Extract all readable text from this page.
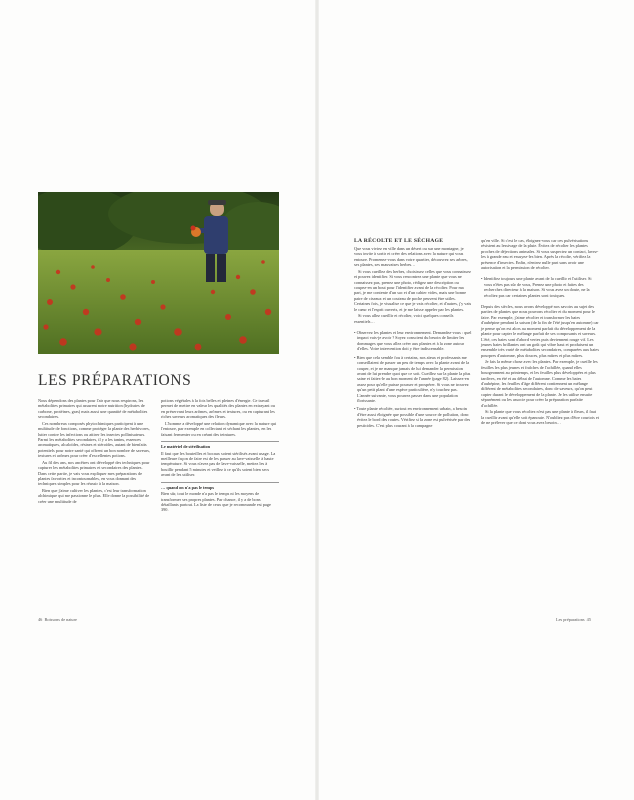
LES PRÉPARATIONS

Nous dépendons des plantes pour l'air que nous respirons, les métabolites primaires qui assurent notre nutrition (hydrates de carbone, protéines, gras) mais aussi une quantité de métabolites secondaires.

Ces nombreux composés phytochimiques participent à une multitude de fonctions, comme protéger la plante des herbivores, lutter contre les infections ou attirer les insectes pollinisateurs. Parmi les métabolites secondaires, il y a les tanins, essences aromatiques, alcaloïdes, résines et stéroïdes, autant de bienfaits potentiels pour notre santé qui offrent un bon nombre de saveurs, textures et arômes pour créer d'excellentes potions.

Au fil des ans, nos ancêtres ont développé des techniques pour capturer les métabolites primaires et secondaires des plantes. Dans cette partie, je vais vous expliquer mes préparations de plantes favorites et incontournables, en vous donnant des techniques simples pour les réussir à la maison.

Bien que j'aime cultiver les plantes, c'est leur transformation alchimique qui me passionne le plus. Elle donne la possibilité de créer une multitude de

potions végétales à la fois belles et pleines d'énergie. Ce travail permet de mettre en valeur les qualités des plantes en extrayant ou en préservant leurs arômes, arômes et textures, ou en capturant les riches saveurs aromatiques des fleurs.

L'homme a développé une relation dynamique avec la nature qui l'entoure, par exemple en collectant et séchant les plantes, en les faisant fermenter ou en créant des teintures.

Le matériel de stérilisation

Il faut que les bouteilles et bocaux soient stérilisés avant usage. La meilleure façon de faire est de les passer au lave-vaisselle à haute température. Si vous n'avez pas de lave-vaisselle, mettez les à bouillir pendant 5 minutes et veillez à ce qu'ils soient bien secs avant de les utiliser.

… quand on n'a pas le temps

Bien sûr, tout le monde n'a pas le temps ni les moyens de transformer ses propres plantes. Par chance, il y a de bons détaillants partout. La liste de ceux que je recommande est page 390.

46 Boissons de nature
LA RÉCOLTE ET LE SÉCHAGE

Que vous viviez en ville dans un désert ou sur une montagne, je vous invite à sortir et créer des relations avec la nature qui vous entoure. Promenez-vous dans votre quartier, découvrez ses arbres, ses plantes, ses mauvaises herbes…

Si vous cueillez des herbes, choisissez celles que vous connaissez et pouvez identifier. Si vous rencontrez une plante que vous ne connaissez pas, prenez une photo, rédigez une description ou coupez-en un bout pour l'identifier avant de la récolter. Pour ma part, je me contente d'un sac et d'un cahier vides, mais une bonne paire de ciseaux et un couteau de poche peuvent être utiles. Certaines fois, je visualise ce que je vais récolter, et d'autres, j'y vais le cœur et l'esprit ouverts, et je me laisse appeler par les plantes.

Si vous allez cueillir et récolter, voici quelques conseils essentiels…

• Observez les plantes et leur environnement. Demandez-vous : quel impact vais-je avoir ? Soyez conscient du besoin de limiter les dommages que vous allez créer aux plantes et à la zone autour d'elles. Votre intervention doit y être indiscernable.

• Bien que cela semble fou à certains, nos aïeux et professants me conseillaient de passer un peu de temps avec la plante avant de la couper, et je ne manque jamais de lui demander la permission avant de lui prendre quoi que ce soit. Cueillez sur la plante la plus saine et faites-le au bon moment de l'année (page 82). Laissez-en assez pour qu'elle puisse pousser et prospérer. Si vous ne trouvez qu'un petit plant d'une espèce particulière, n'y touchez pas. L'année suivante, vous pourrez passer dans une population florissante.

• Toute plante récoltée, surtout en environnement urbain, a besoin d'être aussi éloignée que possible d'une source de pollution, donc évitez le bord des routes. Vérifiez si la zone est pulvérisée par des pesticides. C'est plus courant à la campagne

qu'en ville. Si c'est le cas, éloignez-vous car ces pulvérisations résistent au lessivage de la pluie. Évitez de récolter les plantes proches de déjections animales. Si vous suspectez un contact, lavez-les à grande eau et essuyez-les bien. Après la récolte, vérifiez la présence d'insectes. Enfin, n'entrez nulle part sans avoir une autorisation et la permission de récolter.

• Identifiez toujours une plante avant de la cueillir et l'utiliser. Si vous n'êtes pas sûr de vous, Prenez une photo et faites des recherches directeur à la maison. Si vous avez un doute, ne la récoltez pas car certaines plantes sont toxiques.

Depuis des siècles, nous avons développé nos savoirs au sujet des parties de plantes que nous pouvons récolter et du moment pour le faire. Par exemple, j'aime récolter et transformer les baies d'aubépine pendant la saison (de la fin de l'été jusqu'en automne) car je pense qu'on est alors au moment parfait du développement de la plante pour capter le mélange parfait de ses composants et saveurs. L'été, ces baies sont d'abord vertes puis deviennent rouge vif. Les jeunes baies brillantes ont un goût qui vibre haut et produisent un ensemble très varié de métabolites secondaires, comparées aux baies pourpres d'automne, plus douces, plus mûres et plus mûres.

Je fais la même chose avec les plantes. Par exemple, je cueille les feuilles les plus jeunes et fraîches de l'achillée, quand elles bourgeonnent au printemps, et les feuilles plus développées et plus tardives, en été et au début de l'automne. Comme les baies d'aubépine, les feuilles d'âge différent contiennent un mélange différent de métabolites secondaires, donc de saveurs, qu'on peut capter durant le développement de la plante. Je les utilise ensuite séparément ou les associe pour créer la préparation parfaite d'achillée.

Si la plante que vous récoltez n'est pas une plante à fleurs, il faut la cueillir avant qu'elle soit épanouie. N'oubliez pas d'être courtois et de ne prélever que ce dont vous avez besoin…

Les préparations 45
